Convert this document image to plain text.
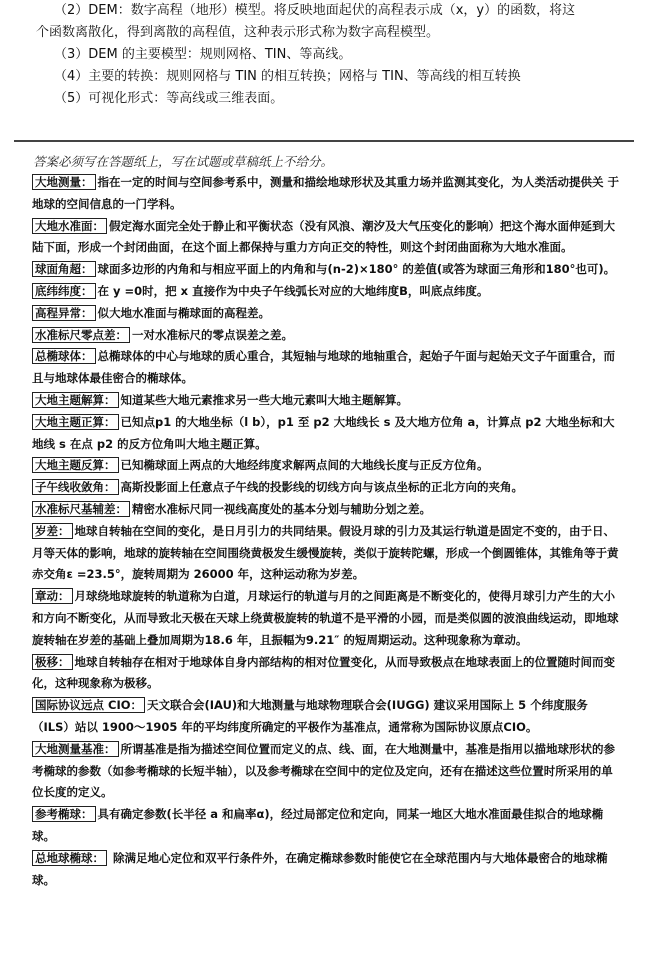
（2）DEM：数字高程（地形）模型。将反映地面起伏的高程表示成（x，y）的函数，将这

个函数离散化，得到离散的高程值，这种表示形式称为数字高程模型。

（3）DEM 的主要模型：规则网格、TIN、等高线。

（4）主要的转换：规则网格与 TIN 的相互转换；网格与 TIN、等高线的相互转换

（5）可视化形式：等高线或三维表面。

答案必须写在答题纸上，写在试题或草稿纸上不给分。

大地测量： 指在一定的时间与空间参考系中，测量和描绘地球形状及其重力场并监测其变化，为人类活动提供关 于地球的空间信息的一门学科。

大地水准面： 假定海水面完全处于静止和平衡状态（没有风浪、潮汐及大气压变化的影响）把这个海水面伸延到大陆下面，形成一个封闭曲面，在这个面上都保持与重力方向正交的特性，则这个封闭曲面称为大地水准面。

球面角超： 球面多边形的内角和与相应平面上的内角和与(n-2)×180° 的差值(或答为球面三角形和180°也可)。

底纬纬度： 在 y =0时，把 x 直接作为中央子午线弧长对应的大地纬度B，叫底点纬度。

高程异常： 似大地水准面与椭球面的高程差。

水准标尺零点差： 一对水准标尺的零点误差之差。

总椭球体： 总椭球体的中心与地球的质心重合，其短轴与地球的地轴重合，起始子午面与起始天文子午面重合，而且与地球体最佳密合的椭球体。

大地主题解算： 知道某些大地元素推求另一些大地元素叫大地主题解算。

大地主题正算： 已知点p1 的大地坐标（l b），p1 至 p2 大地线长 s 及大地方位角 a，计算点 p2 大地坐标和大地线 s 在点 p2 的反方位角叫大地主题正算。

大地主题反算： 已知椭球面上两点的大地经纬度求解两点间的大地线长度与正反方位角。

子午线收敛角： 高斯投影面上任意点子午线的投影线的切线方向与该点坐标的正北方向的夹角。

水准标尺基辅差： 精密水准标尺同一视线高度处的基本分划与辅助分划之差。

岁差： 地球自转轴在空间的变化，是日月引力的共同结果。假设月球的引力及其运行轨道是固定不变的，由于日、月等天体的影响，地球的旋转轴在空间围绕黄极发生缓慢旋转，类似于旋转陀螺，形成一个倒圆锥体，其锥角等于黄赤交角ε =23.5°，旋转周期为 26000 年，这种运动称为岁差。

章动： 月球绕地球旋转的轨道称为白道，月球运行的轨道与月的之间距离是不断变化的，使得月球引力产生的大小和方向不断变化，从而导致北天极在天球上绕黄极旋转的轨道不是平滑的小园，而是类似圆的波浪曲线运动，即地球旋转轴在岁差的基础上叠加周期为18.6 年，且振幅为9.21″ 的短周期运动。这种现象称为章动。

极移： 地球自转轴存在相对于地球体自身内部结构的相对位置变化，从而导致极点在地球表面上的位置随时间而变化，这种现象称为极移。

国际协议远点 CIO： 天文联合会(IAU)和大地测量与地球物理联合会(IUGG) 建议采用国际上 5 个纬度服务（ILS）站以 1900～1905 年的平均纬度所确定的平极作为基准点，通常称为国际协议原点CIO。

大地测量基准： 所谓基准是指为描述空间位置而定义的点、线、面，在大地测量中，基准是指用以描地球形状的参考椭球的参数（如参考椭球的长短半轴），以及参考椭球在空间中的定位及定向，还有在描述这些位置时所采用的单位长度的定义。

参考椭球： 具有确定参数(长半径 a 和扁率α)，经过局部定位和定向，同某一地区大地水准面最佳拟合的地球椭球。

总地球椭球： 除满足地心定位和双平行条件外，在确定椭球参数时能使它在全球范围内与大地体最密合的地球椭球。
